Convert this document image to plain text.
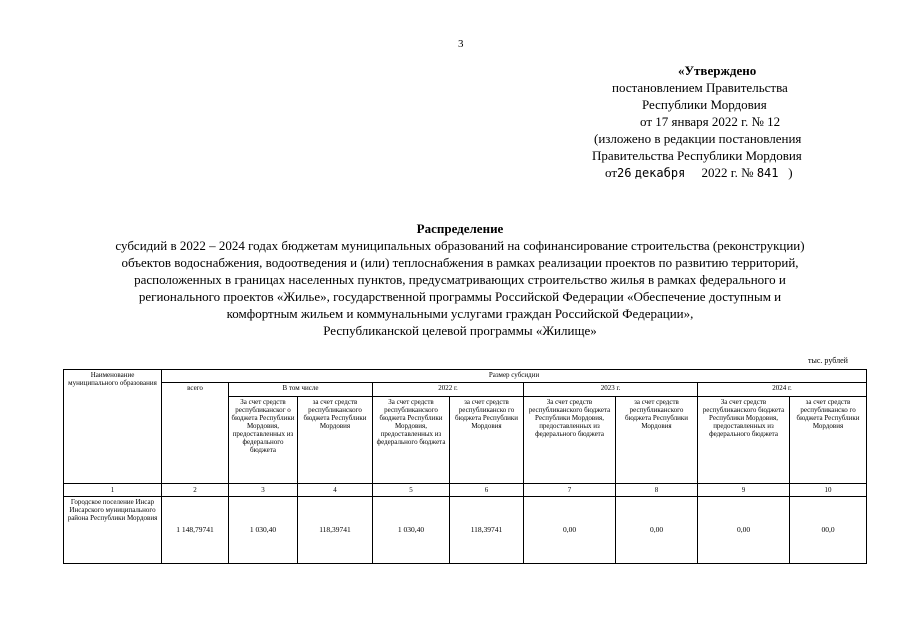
3
«Утверждено
постановлением Правительства
Республики Мордовия
от 17 января 2022 г. № 12
(изложено в редакции постановления
Правительства Республики Мордовия
от26 декабря 2022 г. № 841 )
Распределение
субсидий в 2022 – 2024 годах бюджетам муниципальных образований на софинансирование строительства (реконструкции)
объектов водоснабжения, водоотведения и (или) теплоснабжения в рамках реализации проектов по развитию территорий,
расположенных в границах населенных пунктов, предусматривающих строительство жилья в рамках федерального и
регионального проектов «Жилье», государственной программы Российской Федерации «Обеспечение доступным и
комфортным жильем и коммунальными услугами граждан Российской Федерации»,
Республиканской целевой программы «Жилище»
тыс. рублей
Наименование муниципального образования	Размер субсидии								
	всего	В том числе		2022 г.		2023 г.		2024 г.	
		За счет средств республиканског о бюджета Республики Мордовия, предоставленных из федерального бюджета	за счет средств республиканского бюджета Республики Мордовия	За счет средств республиканского бюджета Республики Мордовия, предоставленных из федерального бюджета	за счет средств республиканско го бюджета Республики Мордовия	За счет средств республиканского бюджета Республики Мордовия, предоставленных из федерального бюджета	за счет средств республиканского бюджета Республики Мордовия	За счет средств республиканского бюджета Республики Мордовия, предоставленных из федерального бюджета	за счет средств республиканско го бюджета Республики Мордовия
1	2	3	4	5	6	7	8	9	10
Городское поселение Инсар Инсарского муниципального района Республики Мордовия	1 148,79741	1 030,40	118,39741	1 030,40	118,39741	0,00	0,00	0,00	00,0
